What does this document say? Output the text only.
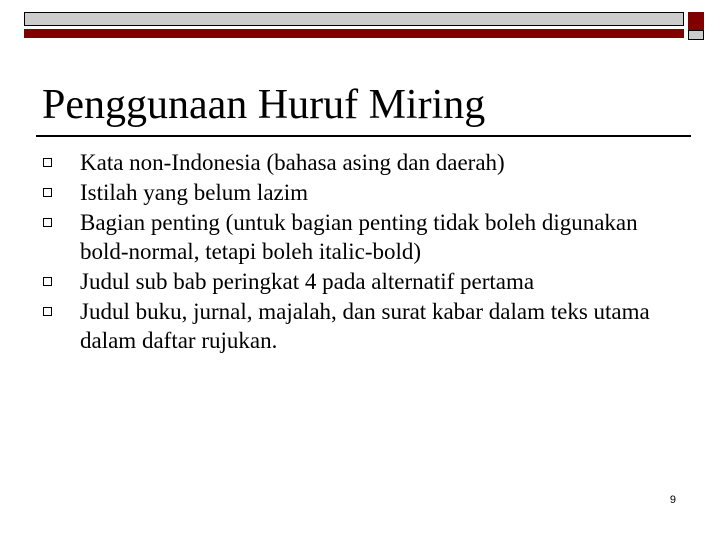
Penggunaan Huruf Miring
Kata non-Indonesia (bahasa asing dan daerah)
Istilah yang belum lazim
Bagian penting (untuk bagian penting tidak boleh digunakan bold-normal, tetapi boleh italic-bold)
Judul sub bab peringkat 4 pada alternatif pertama
Judul buku, jurnal, majalah, dan surat kabar dalam teks utama dalam daftar rujukan.
9
